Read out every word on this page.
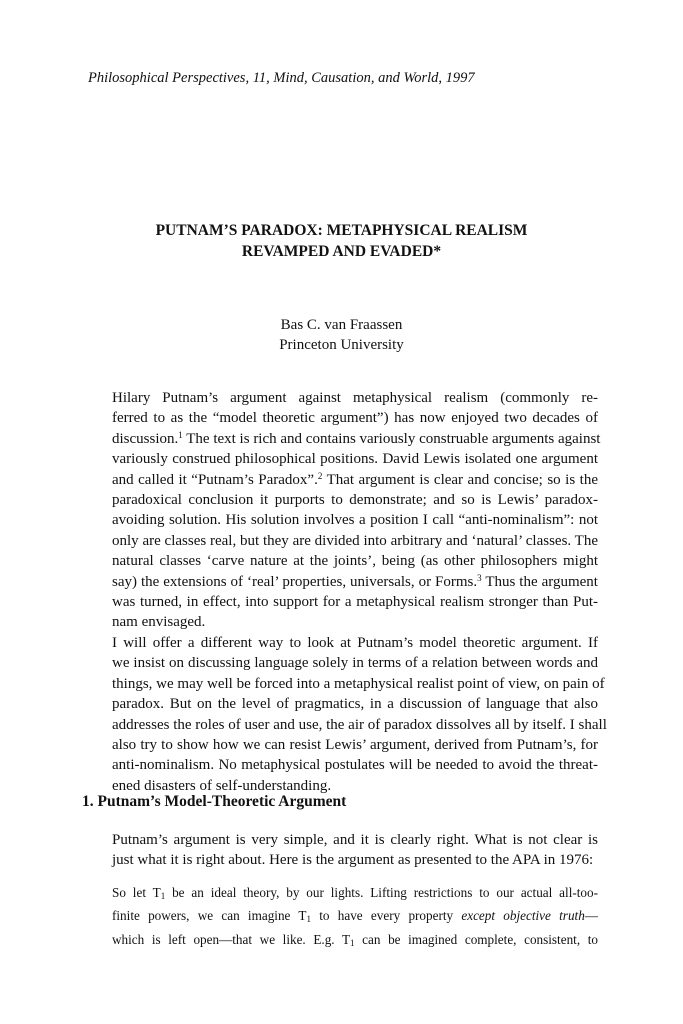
Philosophical Perspectives, 11, Mind, Causation, and World, 1997
PUTNAM’S PARADOX: METAPHYSICAL REALISM
REVAMPED AND EVADED*
Bas C. van Fraassen
Princeton University
Hilary Putnam’s argument against metaphysical realism (commonly re-
ferred to as the “model theoretic argument”) has now enjoyed two decades of
discussion.$^1$ The text is rich and contains variously construable arguments against
variously construed philosophical positions. David Lewis isolated one argument
and called it “Putnam’s Paradox”.$^2$ That argument is clear and concise; so is the
paradoxical conclusion it purports to demonstrate; and so is Lewis’ paradox-
avoiding solution. His solution involves a position I call “anti-nominalism”: not
only are classes real, but they are divided into arbitrary and ‘natural’ classes. The
natural classes ‘carve nature at the joints’, being (as other philosophers might
say) the extensions of ‘real’ properties, universals, or Forms.$^3$ Thus the argument
was turned, in effect, into support for a metaphysical realism stronger than Put-
nam envisaged.
I will offer a different way to look at Putnam’s model theoretic argument. If
we insist on discussing language solely in terms of a relation between words and
things, we may well be forced into a metaphysical realist point of view, on pain of
paradox. But on the level of pragmatics, in a discussion of language that also
addresses the roles of user and use, the air of paradox dissolves all by itself. I shall
also try to show how we can resist Lewis’ argument, derived from Putnam’s, for
anti-nominalism. No metaphysical postulates will be needed to avoid the threat-
ened disasters of self-understanding.
1. Putnam’s Model-Theoretic Argument
Putnam’s argument is very simple, and it is clearly right. What is not clear is
just what it is right about. Here is the argument as presented to the APA in 1976:
So let $T_1$ be an ideal theory, by our lights. Lifting restrictions to our actual all-too-
finite powers, we can imagine $T_1$ to have every property except objective truth—
which is left open—that we like. E.g. $T_1$ can be imagined complete, consistent, to
